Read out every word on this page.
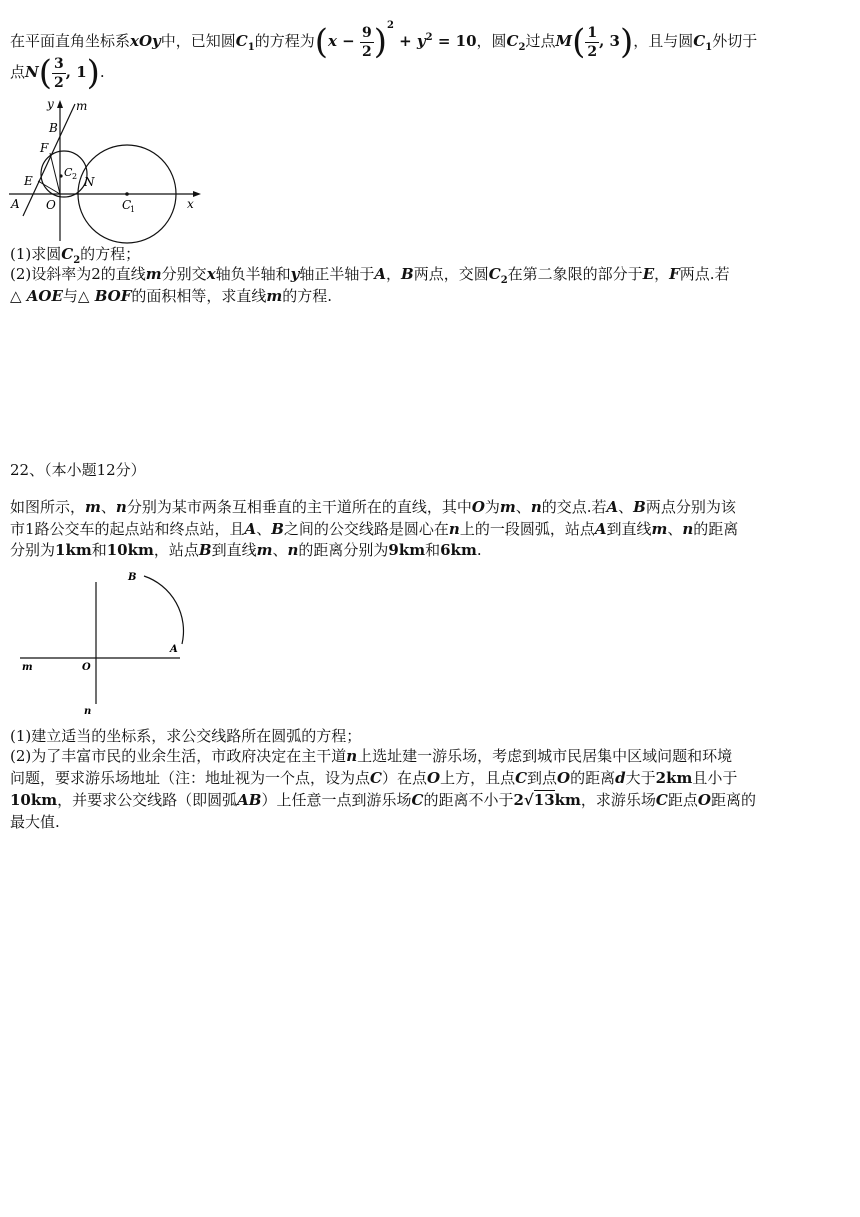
在平面直角坐标系xOy中，已知圆$C_1$的方程为$(x - \frac{9}{2} )^2 + y^2 = 10$，圆$C_2$过点$M( \frac{1}{2}$ , 3)，且与圆$C_1$外切于
点$N( \frac{3}{2}$ , 1).
y m
B
F
E
C 2 N
A O	C
1	x
(1)求圆$C_2$的方程；
(2)设斜率为2的直线m分别交x轴负半轴和y轴正半轴于A，B两点，交圆$C_2$在第二象限的部分于E，F两点.若
△ AOE与△ BOF的面积相等，求直线m的方程.
22、（本小题12分）
如图所示，m、n分别为某市两条互相垂直的主干道所在的直线，其中O为m、n的交点.若A、B两点分别为该
市1路公交车的起点站和终点站，且A、B之间的公交线路是圆心在n上的一段圆弧，站点A到直线m、n的距离
分别为1km和10km，站点B到直线m、n的距离分别为9km和6km.
B
A
O
m
n
(1)建立适当的坐标系，求公交线路所在圆弧的方程；
(2)为了丰富市民的业余生活，市政府决定在主干道n上选址建一游乐场，考虑到城市民居集中区域问题和环境
问题，要求游乐场地址（注：地址视为一个点，设为点C）在点O上方，且点C到点O的距离d大于2km且小于
10km，并要求公交线路（即圆弧AB）上任意一点到游乐场C的距离不小于2√13km，求游乐场C距点O距离的
最大值.
